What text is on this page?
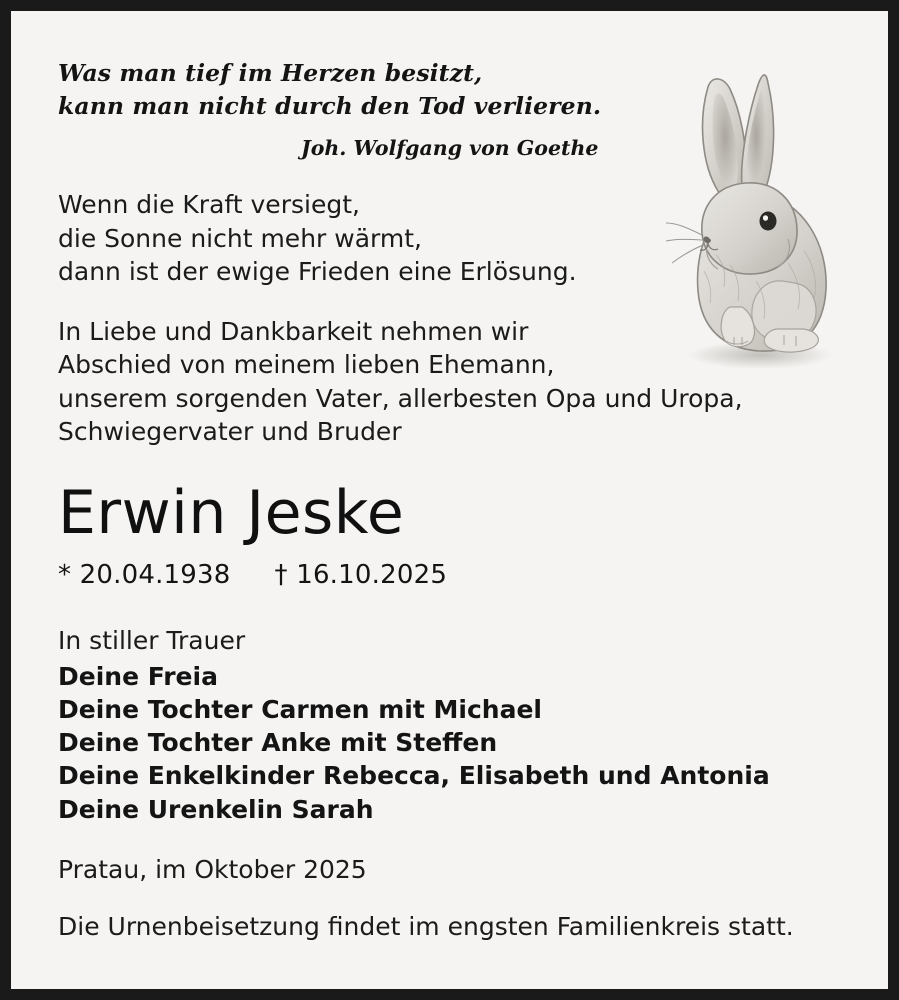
Was man tief im Herzen besitzt,
kann man nicht durch den Tod verlieren.
Joh. Wolfgang von Goethe
Wenn die Kraft versiegt,
die Sonne nicht mehr wärmt,
dann ist der ewige Frieden eine Erlösung.
In Liebe und Dankbarkeit nehmen wir
Abschied von meinem lieben Ehemann,
unserem sorgenden Vater, allerbesten Opa und Uropa,
Schwiegervater und Bruder
Erwin Jeske
* 20.04.1938 † 16.10.2025
In stiller Trauer
Deine Freia
Deine Tochter Carmen mit Michael
Deine Tochter Anke mit Steffen
Deine Enkelkinder Rebecca, Elisabeth und Antonia
Deine Urenkelin Sarah
Pratau, im Oktober 2025
Die Urnenbeisetzung findet im engsten Familienkreis statt.
